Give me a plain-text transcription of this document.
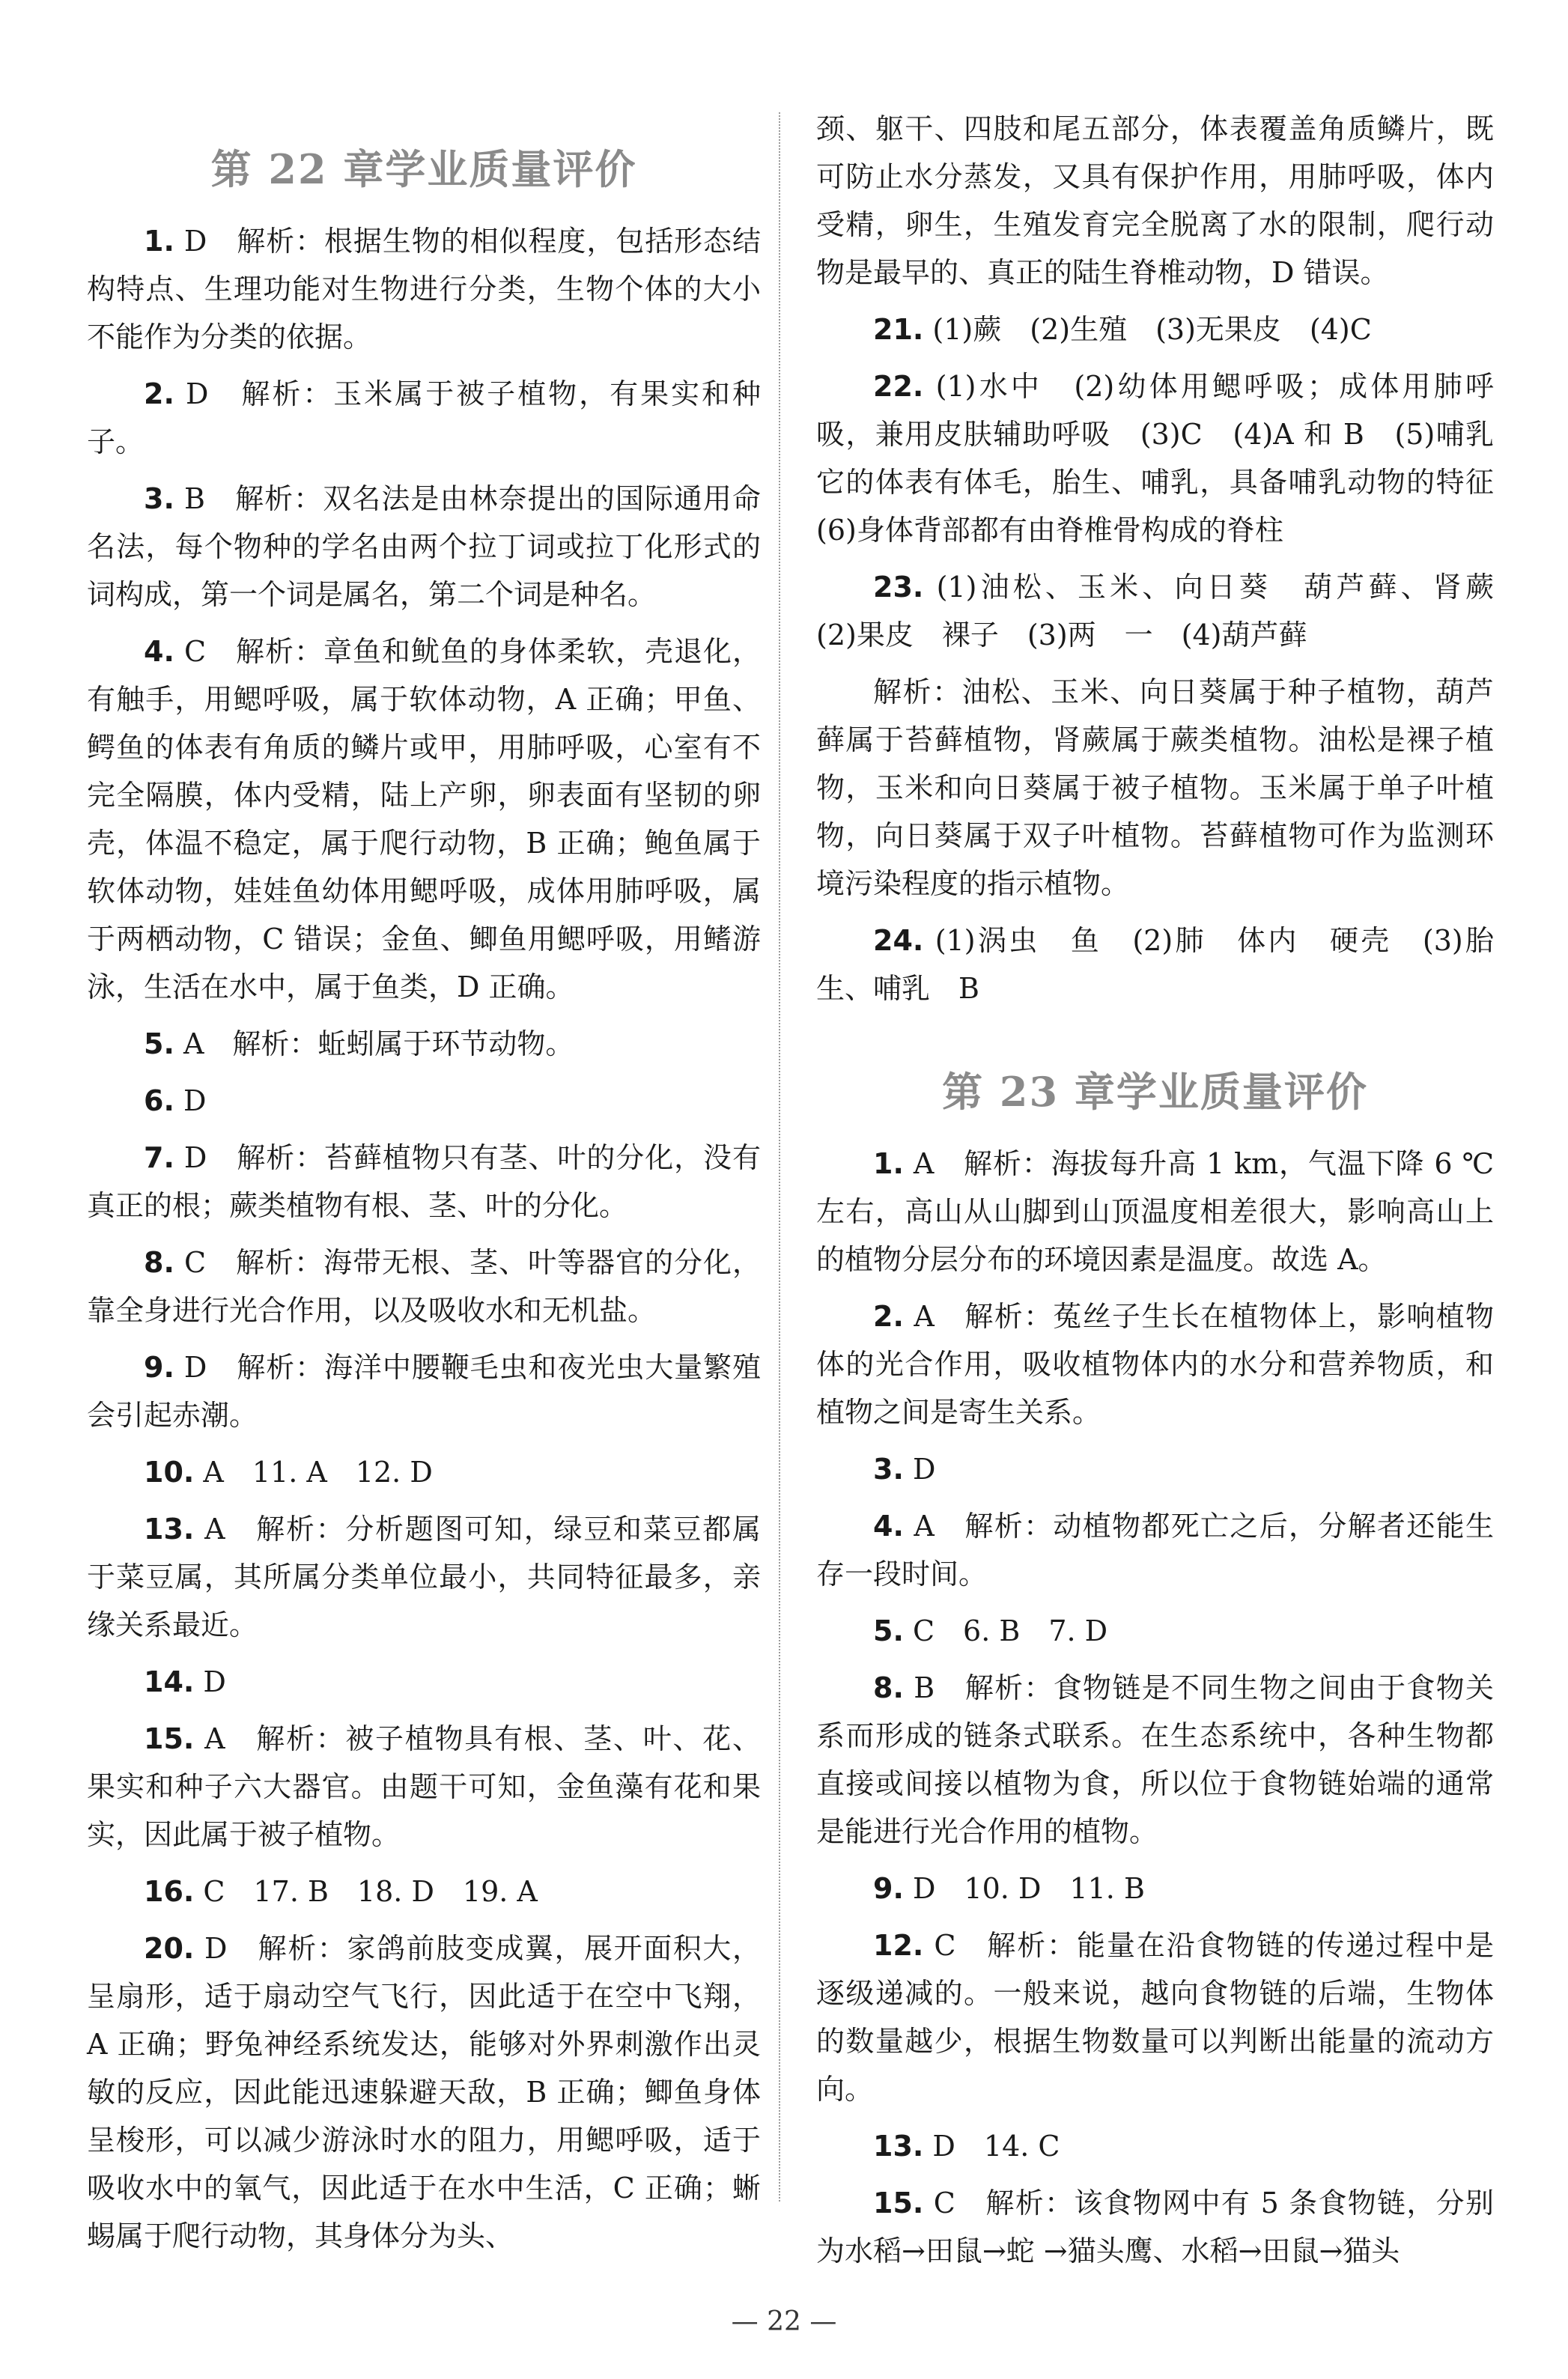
第 22 章学业质量评价

1. D　解析：根据生物的相似程度，包括形态结构特点、生理功能对生物进行分类，生物个体的大小不能作为分类的依据。

2. D　解析：玉米属于被子植物，有果实和种子。

3. B　解析：双名法是由林奈提出的国际通用命名法，每个物种的学名由两个拉丁词或拉丁化形式的词构成，第一个词是属名，第二个词是种名。

4. C　解析：章鱼和鱿鱼的身体柔软，壳退化，有触手，用鳃呼吸，属于软体动物，A 正确；甲鱼、鳄鱼的体表有角质的鳞片或甲，用肺呼吸，心室有不完全隔膜，体内受精，陆上产卵，卵表面有坚韧的卵壳，体温不稳定，属于爬行动物，B 正确；鲍鱼属于软体动物，娃娃鱼幼体用鳃呼吸，成体用肺呼吸，属于两栖动物，C 错误；金鱼、鲫鱼用鳃呼吸，用鳍游泳，生活在水中，属于鱼类，D 正确。

5. A　解析：蚯蚓属于环节动物。

6. D

7. D　解析：苔藓植物只有茎、叶的分化，没有真正的根；蕨类植物有根、茎、叶的分化。

8. C　解析：海带无根、茎、叶等器官的分化，靠全身进行光合作用，以及吸收水和无机盐。

9. D　解析：海洋中腰鞭毛虫和夜光虫大量繁殖会引起赤潮。

10. A　11. A　12. D

13. A　解析：分析题图可知，绿豆和菜豆都属于菜豆属，其所属分类单位最小，共同特征最多，亲缘关系最近。

14. D

15. A　解析：被子植物具有根、茎、叶、花、果实和种子六大器官。由题干可知，金鱼藻有花和果实，因此属于被子植物。

16. C　17. B　18. D　19. A

20. D　解析：家鸽前肢变成翼，展开面积大，呈扇形，适于扇动空气飞行，因此适于在空中飞翔，A 正确；野兔神经系统发达，能够对外界刺激作出灵敏的反应，因此能迅速躲避天敌，B 正确；鲫鱼身体呈梭形，可以减少游泳时水的阻力，用鳃呼吸，适于吸收水中的氧气，因此适于在水中生活，C 正确；蜥蜴属于爬行动物，其身体分为头、

颈、躯干、四肢和尾五部分，体表覆盖角质鳞片，既可防止水分蒸发，又具有保护作用，用肺呼吸，体内受精，卵生，生殖发育完全脱离了水的限制，爬行动物是最早的、真正的陆生脊椎动物，D 错误。

21. (1)蕨　(2)生殖　(3)无果皮　(4)C

22. (1)水中　(2)幼体用鳃呼吸；成体用肺呼吸，兼用皮肤辅助呼吸　(3)C　(4)A 和 B　(5)哺乳　它的体表有体毛，胎生、哺乳，具备哺乳动物的特征　(6)身体背部都有由脊椎骨构成的脊柱

23. (1)油松、玉米、向日葵　葫芦藓、肾蕨　(2)果皮　裸子　(3)两　一　(4)葫芦藓

解析：油松、玉米、向日葵属于种子植物，葫芦藓属于苔藓植物，肾蕨属于蕨类植物。油松是裸子植物，玉米和向日葵属于被子植物。玉米属于单子叶植物，向日葵属于双子叶植物。苔藓植物可作为监测环境污染程度的指示植物。

24. (1)涡虫　鱼　(2)肺　体内　硬壳　(3)胎生、哺乳　B

第 23 章学业质量评价

1. A　解析：海拔每升高 1 km，气温下降 6 ℃左右，高山从山脚到山顶温度相差很大，影响高山上的植物分层分布的环境因素是温度。故选 A。

2. A　解析：菟丝子生长在植物体上，影响植物体的光合作用，吸收植物体内的水分和营养物质，和植物之间是寄生关系。

3. D

4. A　解析：动植物都死亡之后，分解者还能生存一段时间。

5. C　6. B　7. D

8. B　解析：食物链是不同生物之间由于食物关系而形成的链条式联系。在生态系统中，各种生物都直接或间接以植物为食，所以位于食物链始端的通常是能进行光合作用的植物。

9. D　10. D　11. B

12. C　解析：能量在沿食物链的传递过程中是逐级递减的。一般来说，越向食物链的后端，生物体的数量越少，根据生物数量可以判断出能量的流动方向。

13. D　14. C

15. C　解析：该食物网中有 5 条食物链，分别为水稻→田鼠→蛇 →猫头鹰、水稻→田鼠→猫头

— 22 —
